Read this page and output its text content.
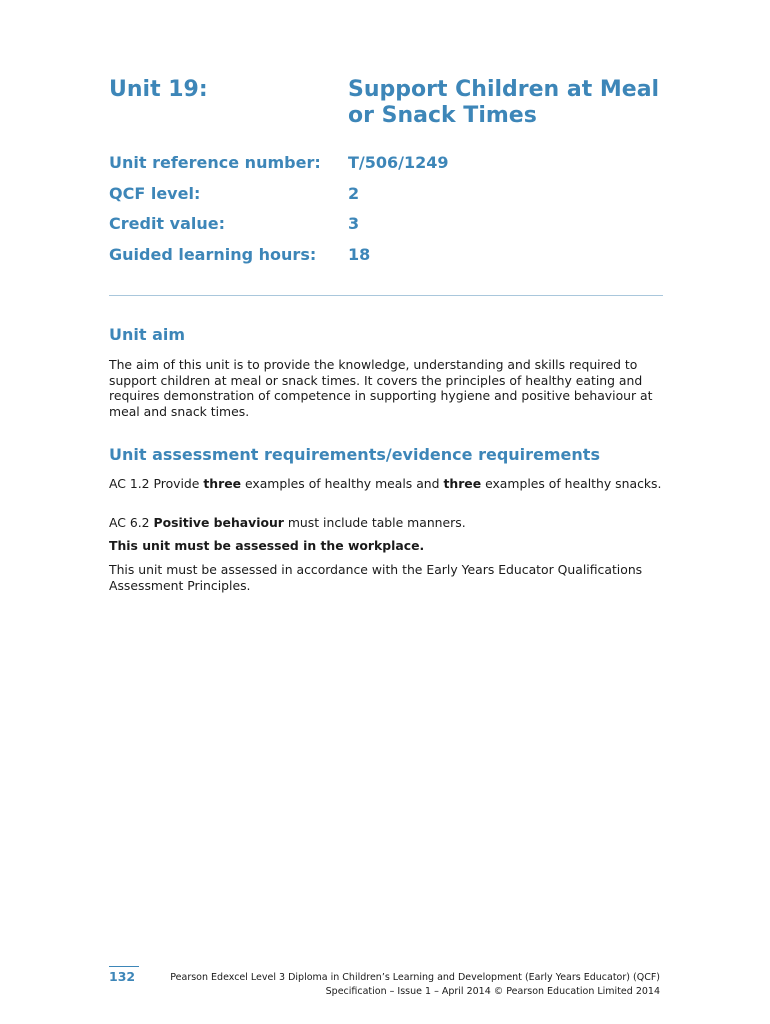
Unit 19:	Support Children at Meal or Snack Times
Unit reference number: T/506/1249
QCF level:	2
Credit value:	3
Guided learning hours: 18
Unit aim
The aim of this unit is to provide the knowledge, understanding and skills required to support children at meal or snack times. It covers the principles of healthy eating and requires demonstration of competence in supporting hygiene and positive behaviour at meal and snack times.
Unit assessment requirements/evidence requirements
AC 1.2 Provide three examples of healthy meals and three examples of healthy snacks.
AC 6.2 Positive behaviour must include table manners.
This unit must be assessed in the workplace.
This unit must be assessed in accordance with the Early Years Educator Qualifications Assessment Principles.
132	Pearson Edexcel Level 3 Diploma in Children’s Learning and Development (Early Years Educator) (QCF)
Specification – Issue 1 – April 2014 © Pearson Education Limited 2014
